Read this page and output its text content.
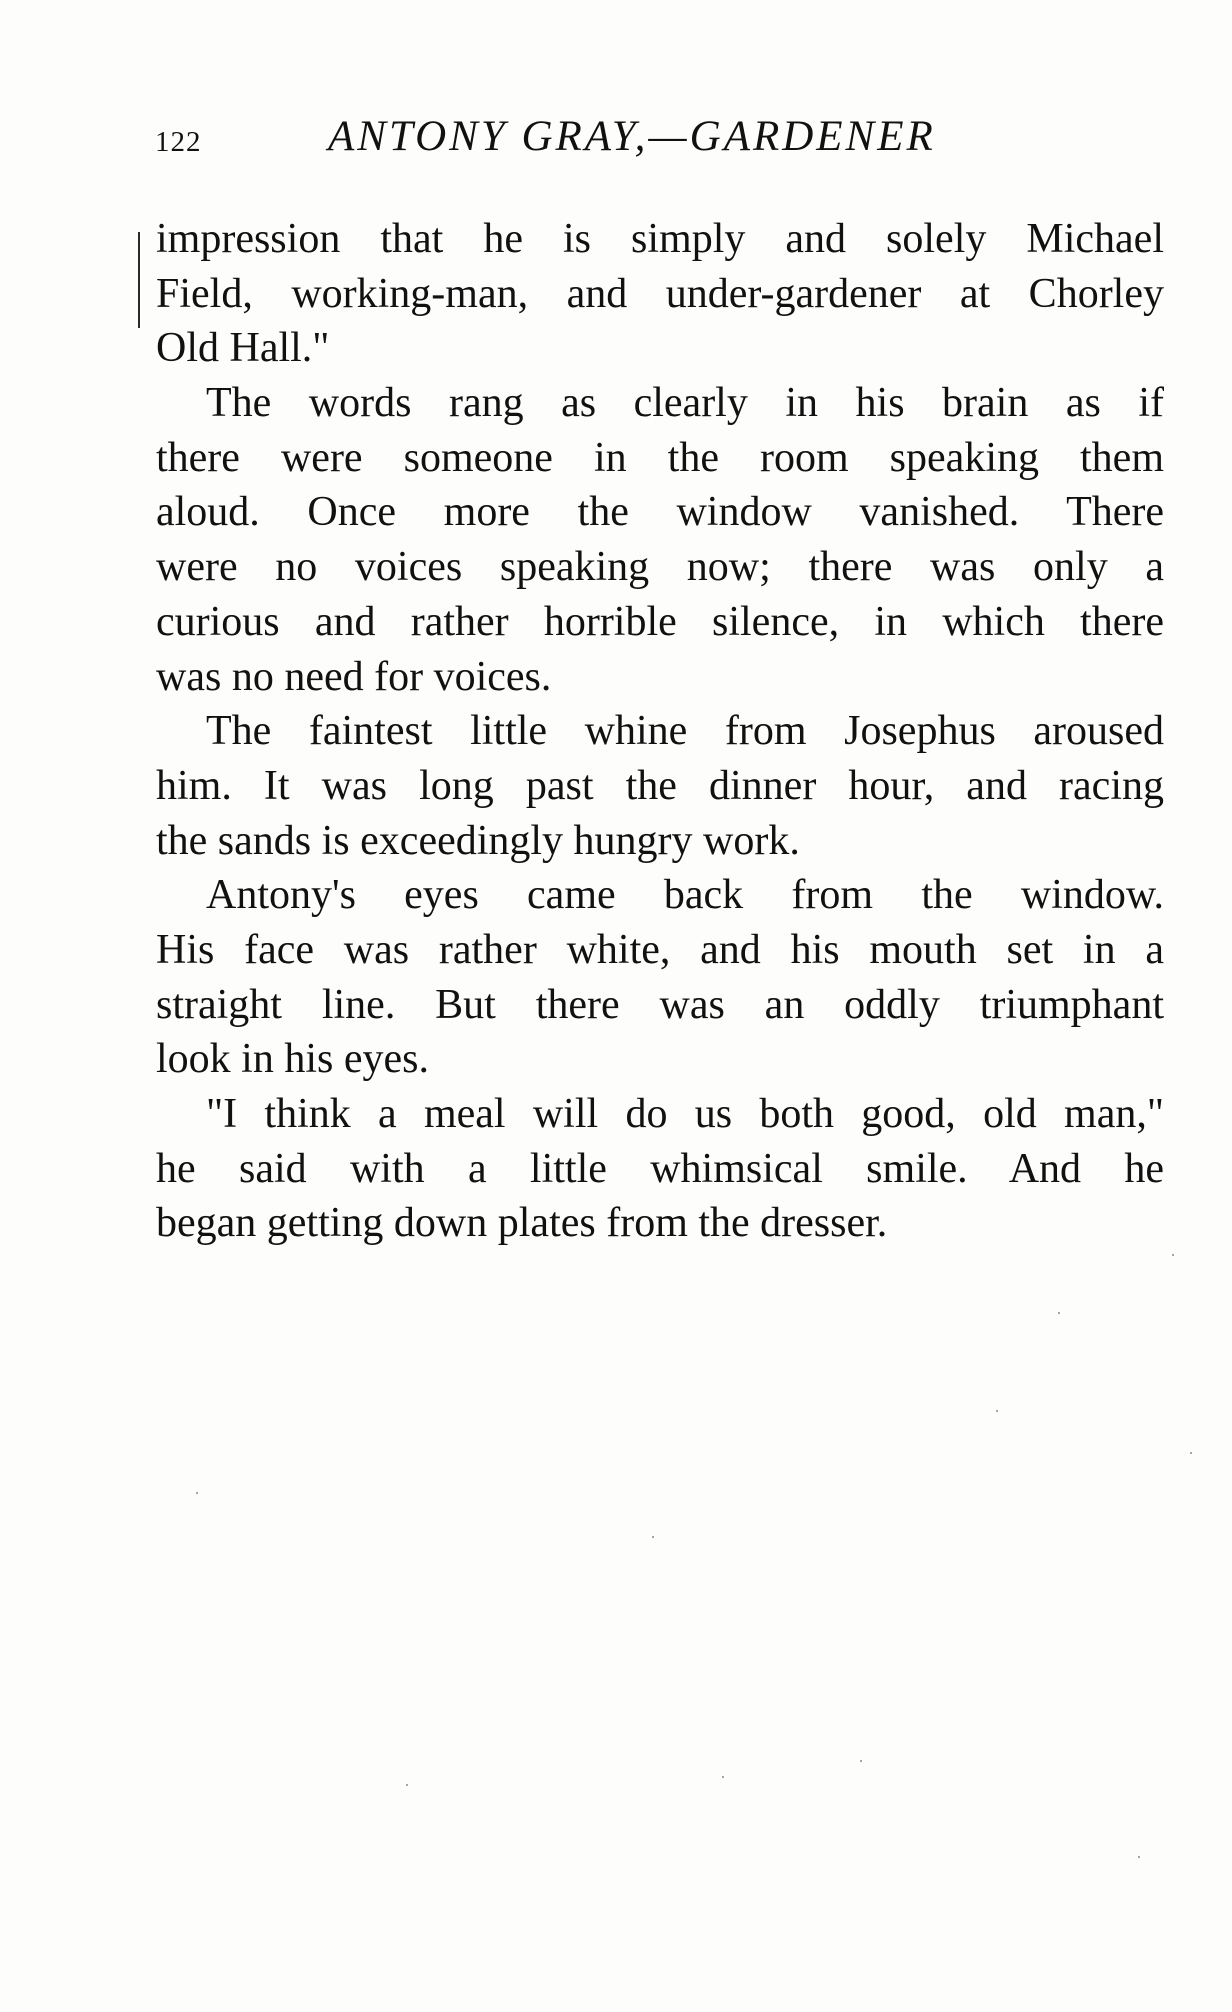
122	ANTONY GRAY,—GARDENER
impression that he is simply and solely Michael
Field, working-man, and under-gardener at Chorley
Old Hall."
The words rang as clearly in his brain as if
there were someone in the room speaking them
aloud. Once more the window vanished. There
were no voices speaking now; there was only a
curious and rather horrible silence, in which there
was no need for voices.
The faintest little whine from Josephus aroused
him. It was long past the dinner hour, and racing
the sands is exceedingly hungry work.
Antony's eyes came back from the window.
His face was rather white, and his mouth set in a
straight line. But there was an oddly triumphant
look in his eyes.
"I think a meal will do us both good, old man,"
he said with a little whimsical smile. And he
began getting down plates from the dresser.
